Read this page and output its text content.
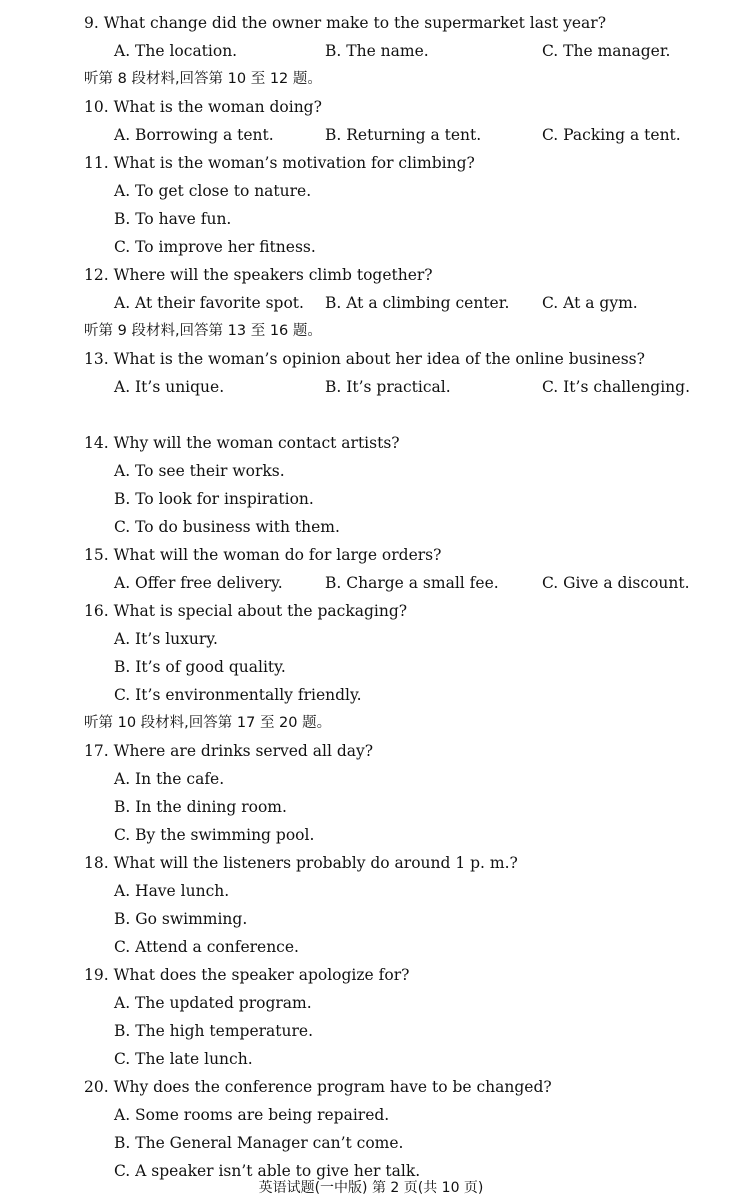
9. What change did the owner make to the supermarket last year?
A. The location.	B. The name.	C. The manager.
听第 8 段材料,回答第 10 至 12 题。
10. What is the woman doing?
A. Borrowing a tent.	B. Returning a tent.	C. Packing a tent.
11. What is the woman’s motivation for climbing?
A. To get close to nature.
B. To have fun.
C. To improve her fitness.
12. Where will the speakers climb together?
A. At their favorite spot. B. At a climbing center. C. At a gym.
听第 9 段材料,回答第 13 至 16 题。
13. What is the woman’s opinion about her idea of the online business?
A. It’s unique.	B. It’s practical.	C. It’s challenging.
14. Why will the woman contact artists?
A. To see their works.
B. To look for inspiration.
C. To do business with them.
15. What will the woman do for large orders?
A. Offer free delivery.	B. Charge a small fee.	C. Give a discount.
16. What is special about the packaging?
A. It’s luxury.
B. It’s of good quality.
C. It’s environmentally friendly.
听第 10 段材料,回答第 17 至 20 题。
17. Where are drinks served all day?
A. In the cafe.
B. In the dining room.
C. By the swimming pool.
18. What will the listeners probably do around 1 p. m.?
A. Have lunch.
B. Go swimming.
C. Attend a conference.
19. What does the speaker apologize for?
A. The updated program.
B. The high temperature.
C. The late lunch.
20. Why does the conference program have to be changed?
A. Some rooms are being repaired.
B. The General Manager can’t come.
C. A speaker isn’t able to give her talk.
英语试题(一中版) 第 2 页(共 10 页)
